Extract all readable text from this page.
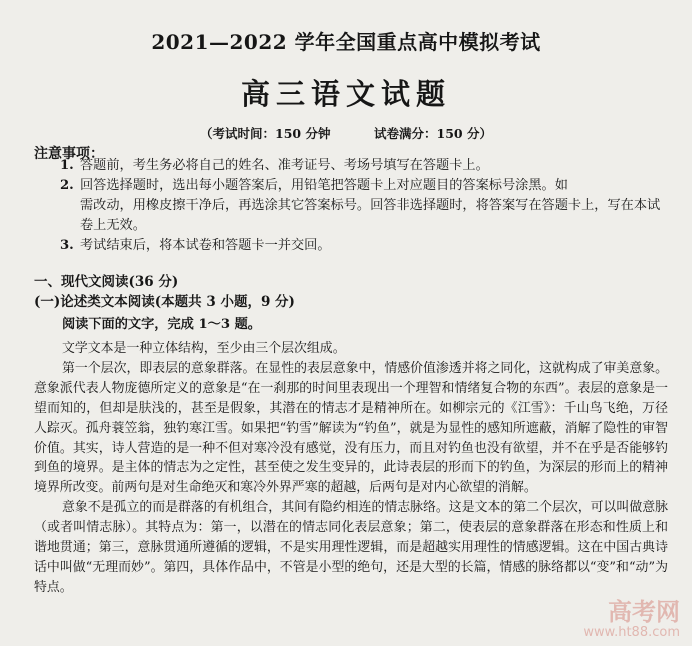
2021—2022 学年全国重点高中模拟考试
高三语文试题
（考试时间：150 分钟          试卷满分：150 分）
注意事项：
1. 答题前，考生务必将自己的姓名、准考证号、考场号填写在答题卡上。
2. 回答选择题时，选出每小题答案后，用铅笔把答题卡上对应题目的答案标号涂黑。如
需改动，用橡皮擦干净后，再选涂其它答案标号。回答非选择题时，将答案写在答题卡上，写在本试卷上无效。
3. 考试结束后，将本试卷和答题卡一并交回。
一、现代文阅读(36 分)
(一)论述类文本阅读(本题共 3 小题，9 分)
阅读下面的文字，完成 1～3 题。

文学文本是一种立体结构，至少由三个层次组成。

第一个层次，即表层的意象群落。在显性的表层意象中，情感价值渗透并将之同化，这就构成了审美意象。意象派代表人物庞德所定义的意象是“在一刹那的时间里表现出一个理智和情绪复合物的东西”。表层的意象是一望而知的，但却是肤浅的，甚至是假象，其潜在的情志才是精神所在。如柳宗元的《江雪》：千山鸟飞绝，万径人踪灭。孤舟蓑笠翁，独钓寒江雪。如果把“钓雪”解读为“钓鱼”，就是为显性的感知所遮蔽，消解了隐性的审智价值。其实，诗人营造的是一种不但对寒冷没有感觉，没有压力，而且对钓鱼也没有欲望，并不在乎是否能够钓到鱼的境界。是主体的情志为之定性，甚至使之发生变异的，此诗表层的形而下的钓鱼，为深层的形而上的精神境界所改变。前两句是对生命绝灭和寒冷外界严寒的超越，后两句是对内心欲望的消解。

意象不是孤立的而是群落的有机组合，其间有隐约相连的情志脉络。这是文本的第二个层次，可以叫做意脉（或者叫情志脉）。其特点为：第一，以潜在的情志同化表层意象；第二，使表层的意象群落在形态和性质上和谐地贯通；第三，意脉贯通所遵循的逻辑，不是实用理性逻辑，而是超越实用理性的情感逻辑。这在中国古典诗话中叫做“无理而妙”。第四，具体作品中，不管是小型的绝句，还是大型的长篇，情感的脉络都以“变”和“动”为特点。

高考网
www.ht88.com
